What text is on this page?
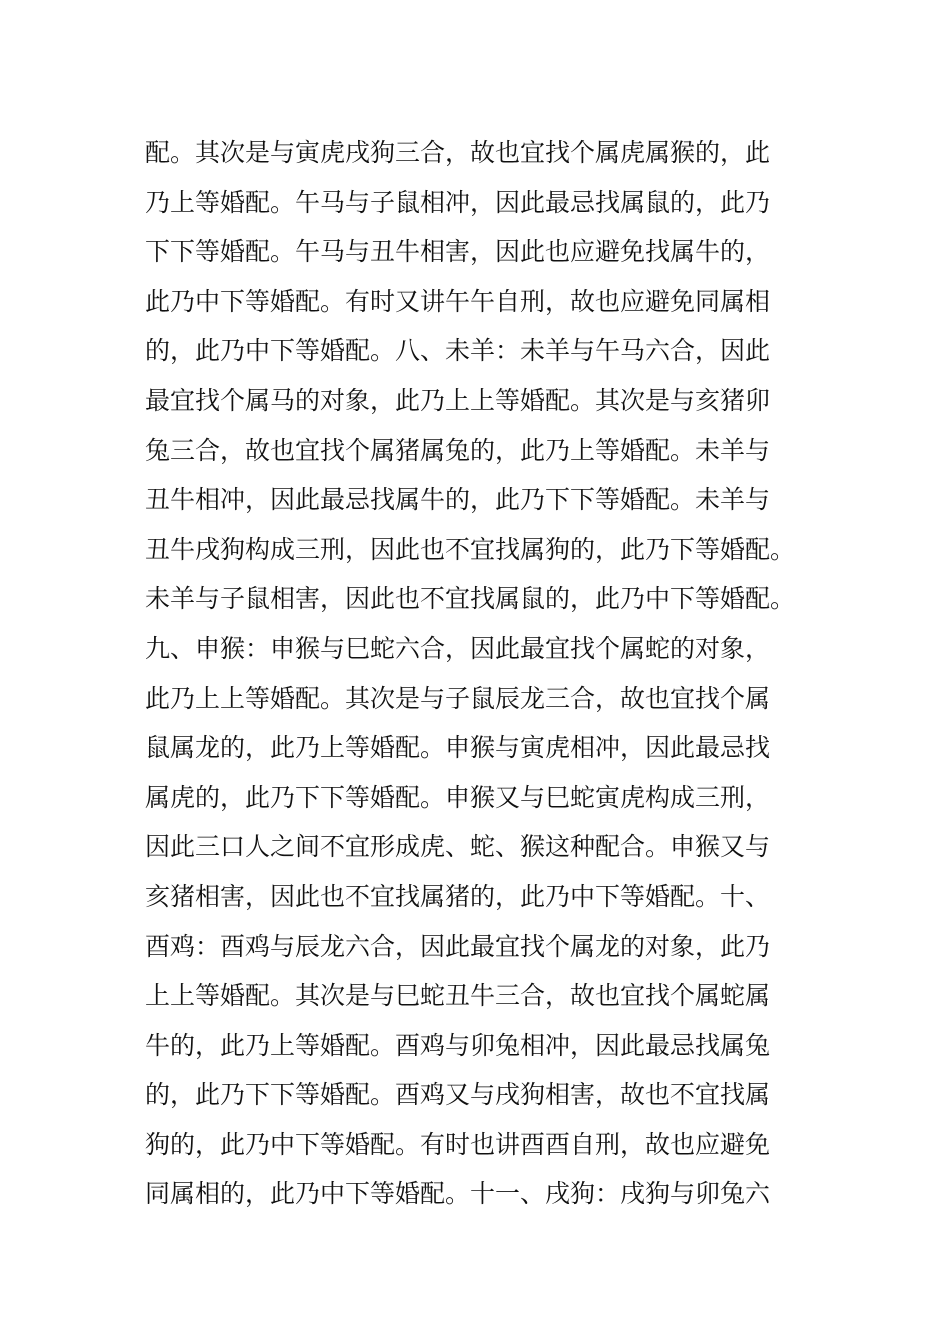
配。其次是与寅虎戌狗三合，故也宜找个属虎属猴的，此
乃上等婚配。午马与子鼠相冲，因此最忌找属鼠的，此乃
下下等婚配。午马与丑牛相害，因此也应避免找属牛的，
此乃中下等婚配。有时又讲午午自刑，故也应避免同属相
的，此乃中下等婚配。八、未羊：未羊与午马六合，因此
最宜找个属马的对象，此乃上上等婚配。其次是与亥猪卯
兔三合，故也宜找个属猪属兔的，此乃上等婚配。未羊与
丑牛相冲，因此最忌找属牛的，此乃下下等婚配。未羊与
丑牛戌狗构成三刑，因此也不宜找属狗的，此乃下等婚配。
未羊与子鼠相害，因此也不宜找属鼠的，此乃中下等婚配。
九、申猴：申猴与巳蛇六合，因此最宜找个属蛇的对象，
此乃上上等婚配。其次是与子鼠辰龙三合，故也宜找个属
鼠属龙的，此乃上等婚配。申猴与寅虎相冲，因此最忌找
属虎的，此乃下下等婚配。申猴又与巳蛇寅虎构成三刑，
因此三口人之间不宜形成虎、蛇、猴这种配合。申猴又与
亥猪相害，因此也不宜找属猪的，此乃中下等婚配。十、
酉鸡：酉鸡与辰龙六合，因此最宜找个属龙的对象，此乃
上上等婚配。其次是与巳蛇丑牛三合，故也宜找个属蛇属
牛的，此乃上等婚配。酉鸡与卯兔相冲，因此最忌找属兔
的，此乃下下等婚配。酉鸡又与戌狗相害，故也不宜找属
狗的，此乃中下等婚配。有时也讲酉酉自刑，故也应避免
同属相的，此乃中下等婚配。十一、戌狗：戌狗与卯兔六
